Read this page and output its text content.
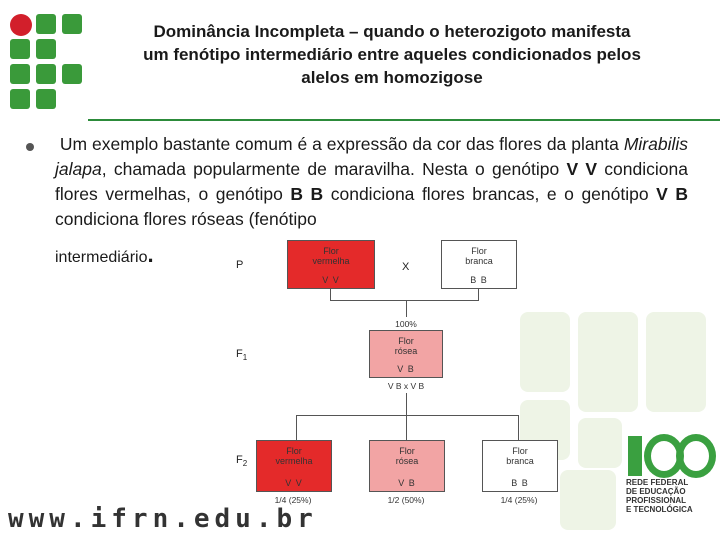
Dominância Incompleta – quando o heterozigoto manifesta
um fenótipo intermediário entre aqueles condicionados pelos
alelos em homozigose
Um exemplo bastante comum é a expressão da cor das flores da planta Mirabilis jalapa, chamada popularmente de maravilha. Nesta o genótipo V V condiciona flores vermelhas, o genótipo B B condiciona flores brancas, e o genótipo V B condiciona flores róseas (fenótipo
intermediário.	P
Flor
vermelha
V V
X
Flor
branca
B B
100%
$F_1$
Flor
rósea
V B
V B x V B
$F_2$
Flor
vermelha
V V
Flor
rósea
V B
Flor
branca
B B
1/4 (25%)	1/2 (50%)	1/4 (25%)
REDE FEDERAL
DE EDUCAÇÃO
PROFISSIONAL
E TECNOLÓGICA
www.ifrn.edu.br
